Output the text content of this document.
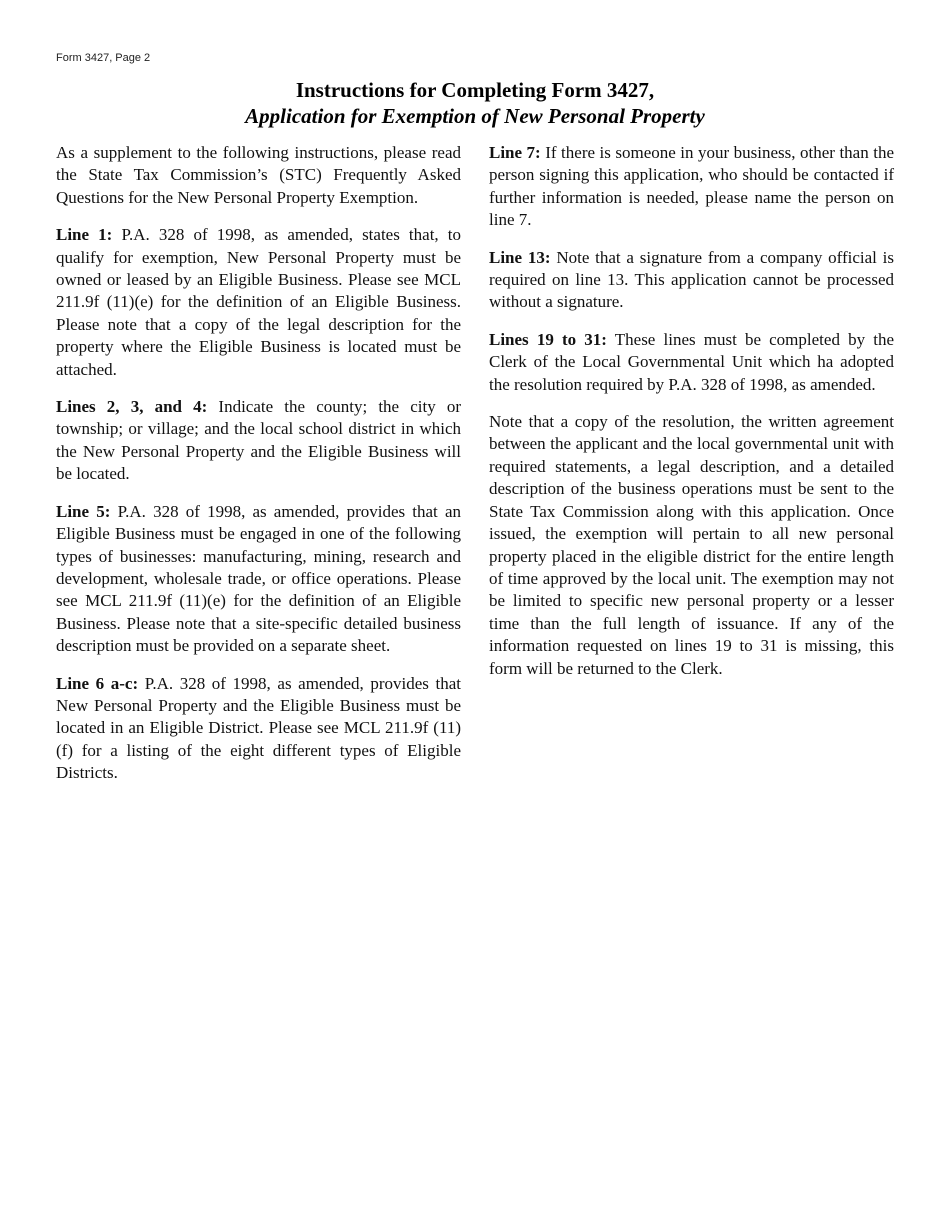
Form 3427, Page 2
Instructions for Completing Form 3427,
Application for Exemption of New Personal Property

As a supplement to the following instructions, please read the State Tax Commission’s (STC) Frequently Asked Questions for the New Personal Property Exemption.

Line 1: P.A. 328 of 1998, as amended, states that, to qualify for exemption, New Personal Property must be owned or leased by an Eligible Business. Please see MCL 211.9f (11)(e) for the definition of an Eligible Business. Please note that a copy of the legal description for the property where the Eligible Business is located must be attached.

Lines 2, 3, and 4: Indicate the county; the city or township; or village; and the local school district in which the New Personal Property and the Eligible Business will be located.

Line 5: P.A. 328 of 1998, as amended, provides that an Eligible Business must be engaged in one of the following types of businesses: manufacturing, mining, research and development, wholesale trade, or office operations. Please see MCL 211.9f (11)(e) for the definition of an Eligible Business. Please note that a site-specific detailed business description must be provided on a separate sheet.

Line 6 a-c: P.A. 328 of 1998, as amended, provides that New Personal Property and the Eligible Business must be located in an Eligible District. Please see MCL 211.9f (11)(f) for a listing of the eight different types of Eligible Districts.

Line 7: If there is someone in your business, other than the person signing this application, who should be contacted if further information is needed, please name the person on line 7.

Line 13: Note that a signature from a company official is required on line 13. This application cannot be processed without a signature.

Lines 19 to 31: These lines must be completed by the Clerk of the Local Governmental Unit which ha adopted the resolution required by P.A. 328 of 1998, as amended.

Note that a copy of the resolution, the written agreement between the applicant and the local governmental unit with required statements, a legal description, and a detailed description of the business operations must be sent to the State Tax Commission along with this application. Once issued, the exemption will pertain to all new personal property placed in the eligible district for the entire length of time approved by the local unit. The exemption may not be limited to specific new personal property or a lesser time than the full length of issuance. If any of the information requested on lines 19 to 31 is missing, this form will be returned to the Clerk.
